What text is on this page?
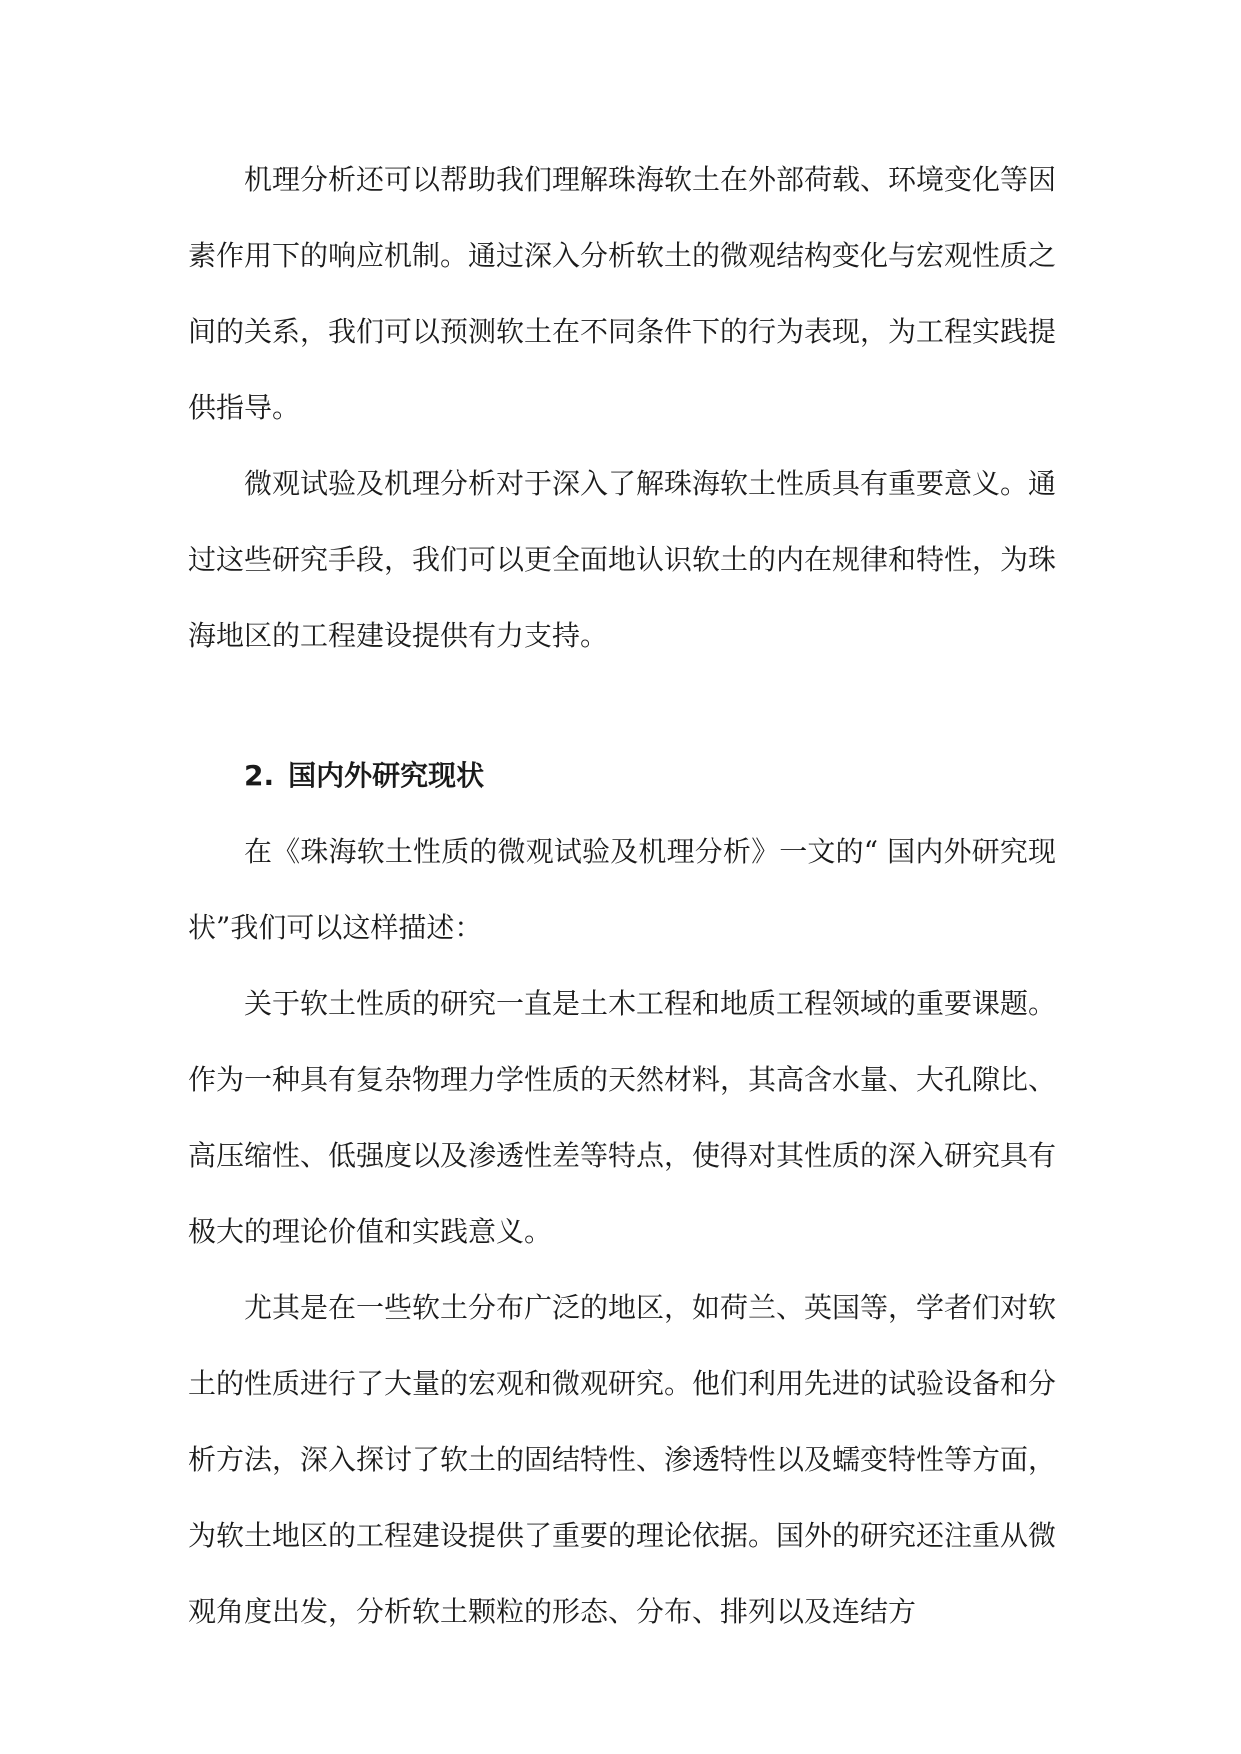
机理分析还可以帮助我们理解珠海软土在外部荷载、环境变化等因素作用下的响应机制。通过深入分析软土的微观结构变化与宏观性质之间的关系，我们可以预测软土在不同条件下的行为表现，为工程实践提供指导。

微观试验及机理分析对于深入了解珠海软土性质具有重要意义。通过这些研究手段，我们可以更全面地认识软土的内在规律和特性，为珠海地区的工程建设提供有力支持。

2. 国内外研究现状

在《珠海软土性质的微观试验及机理分析》一文的“ 国内外研究现状”我们可以这样描述：

关于软土性质的研究一直是土木工程和地质工程领域的重要课题。作为一种具有复杂物理力学性质的天然材料，其高含水量、大孔隙比、高压缩性、低强度以及渗透性差等特点，使得对其性质的深入研究具有极大的理论价值和实践意义。

尤其是在一些软土分布广泛的地区，如荷兰、英国等，学者们对软土的性质进行了大量的宏观和微观研究。他们利用先进的试验设备和分析方法，深入探讨了软土的固结特性、渗透特性以及蠕变特性等方面，为软土地区的工程建设提供了重要的理论依据。国外的研究还注重从微观角度出发，分析软土颗粒的形态、分布、排列以及连结方
